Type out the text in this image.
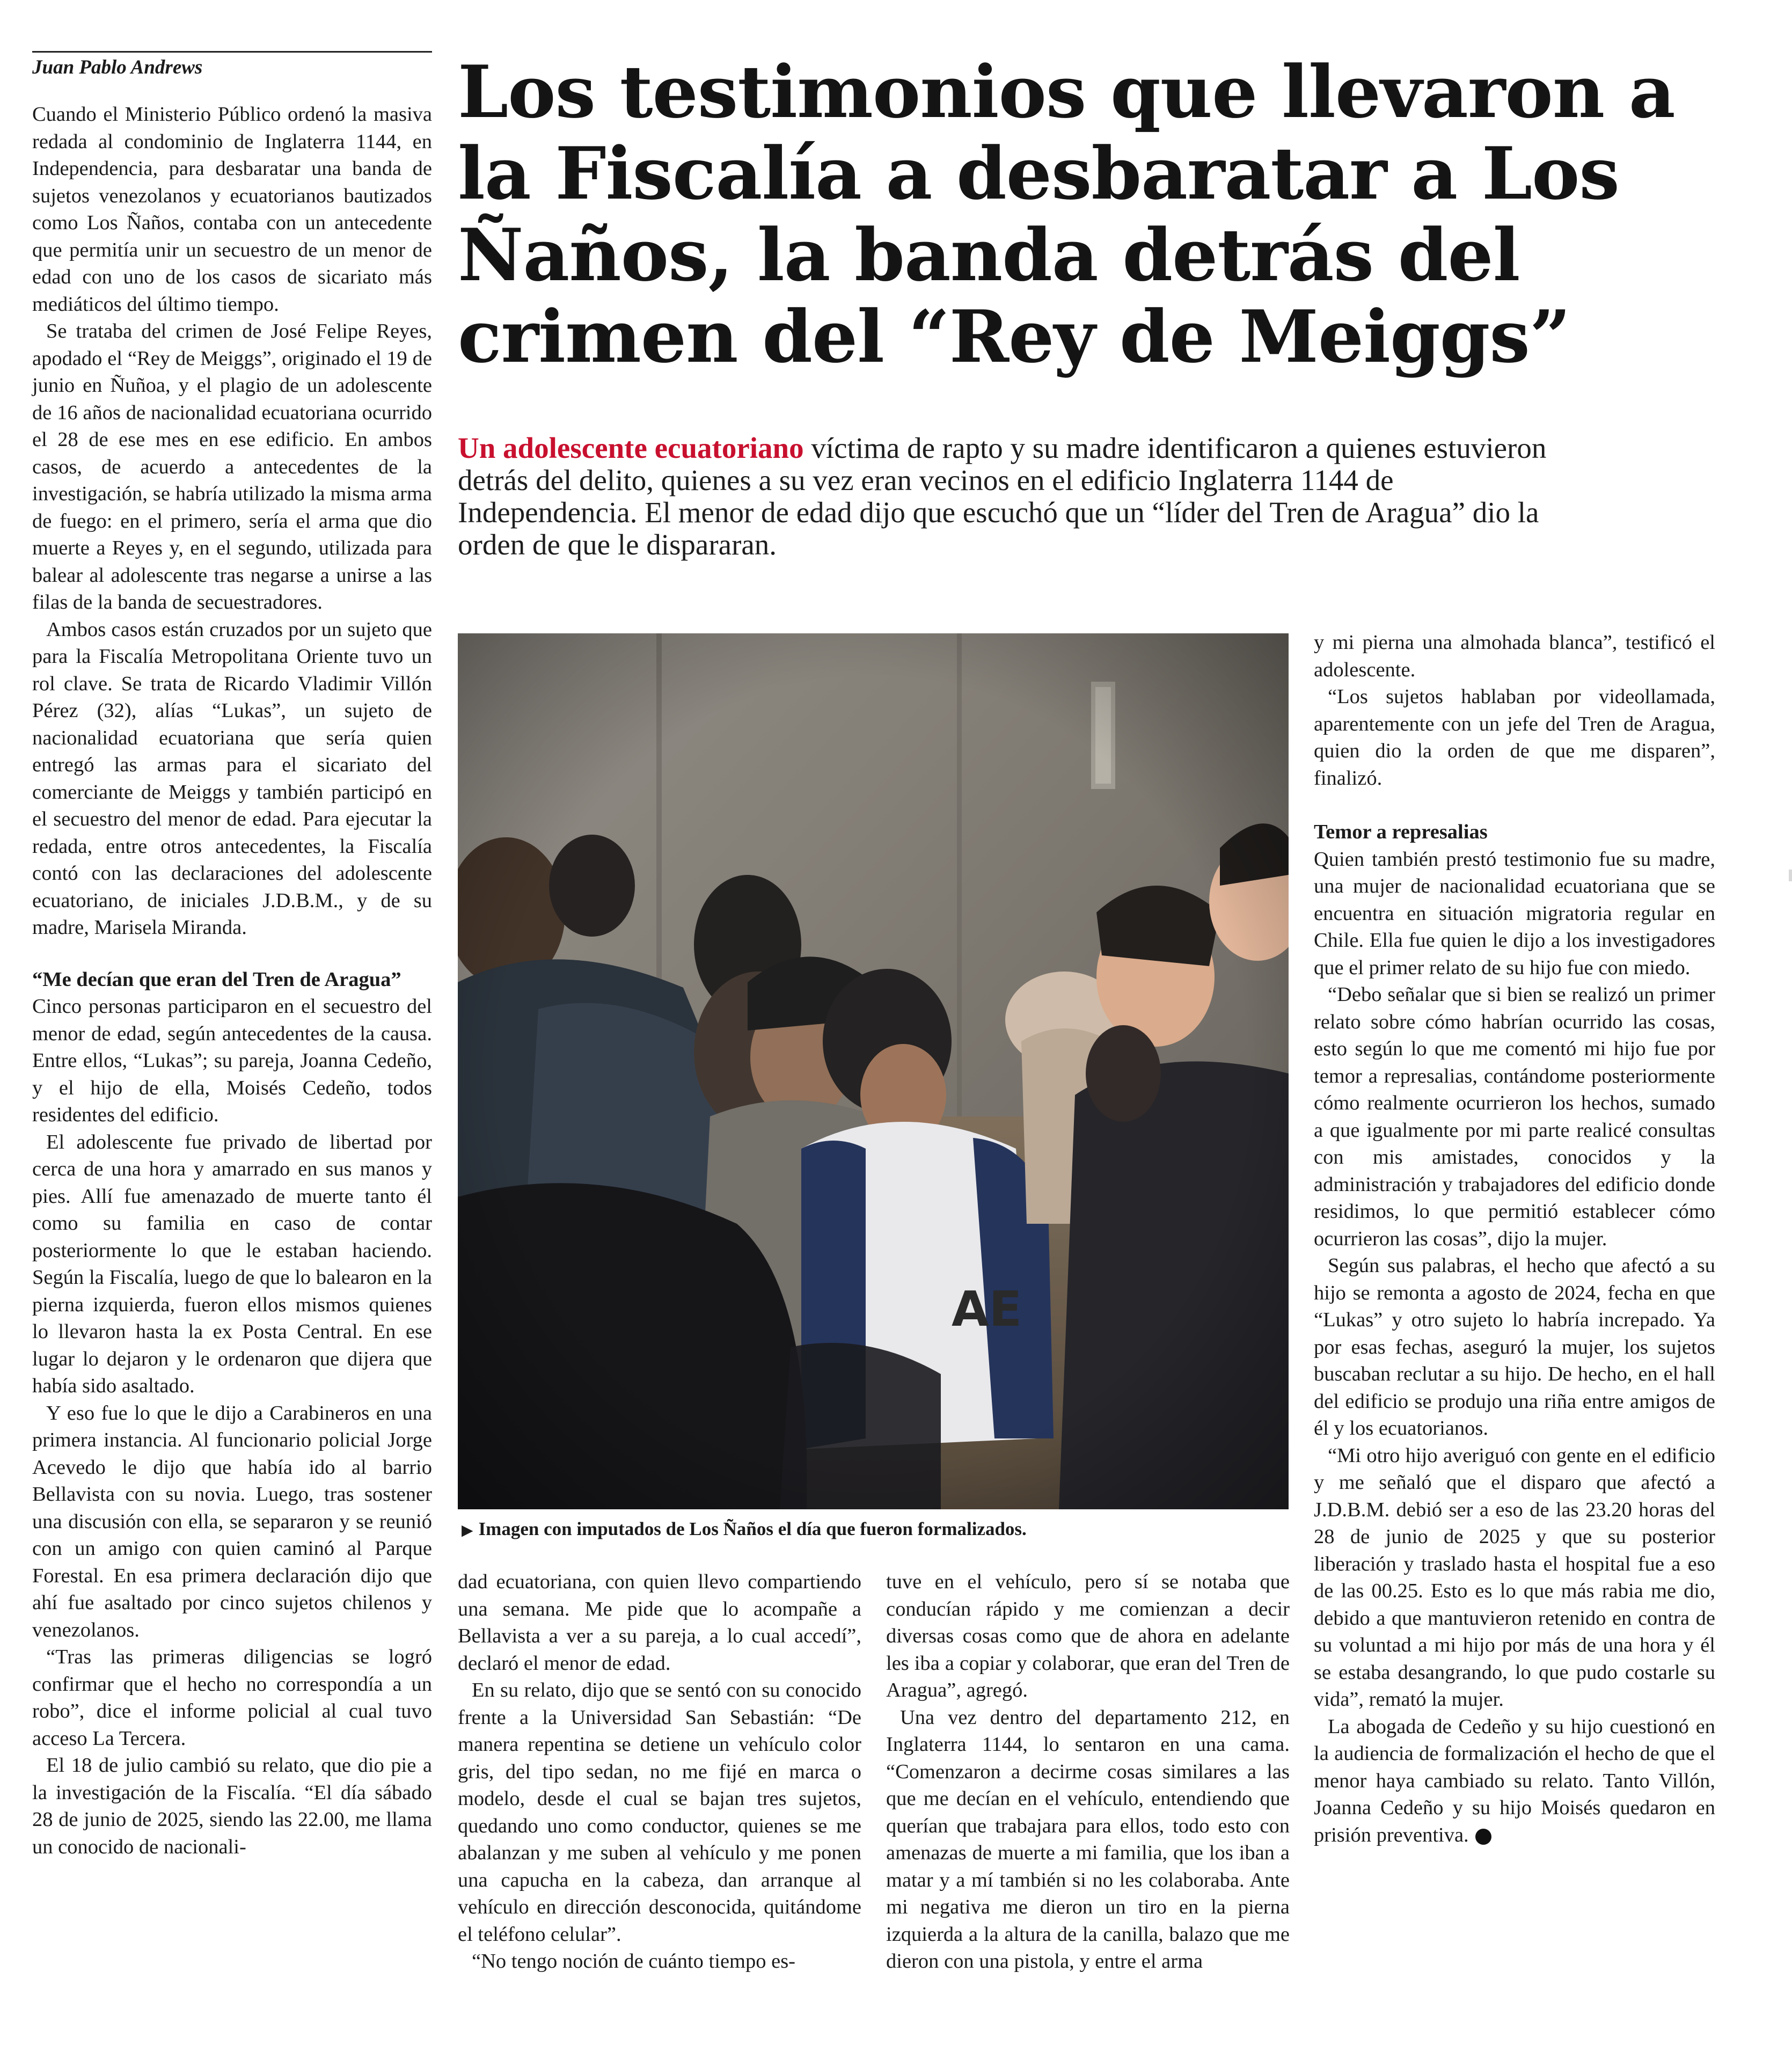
Juan Pablo Andrews	Los testimonios que llevaron a la Fiscalía a desbaratar a Los Ñaños, la banda detrás del crimen del “Rey de Meiggs”

Un adolescente ecuatoriano víctima de rapto y su madre identificaron a quienes estuvieron detrás del delito, quienes a su vez eran vecinos en el edificio Inglaterra 1144 de Independencia. El menor de edad dijo que escuchó que un “líder del Tren de Aragua” dio la orden de que le dispararan.

Cuando el Ministerio Público ordenó la masiva redada al condominio de Inglaterra 1144, en Independencia, para desbaratar una banda de sujetos venezolanos y ecuatorianos bautizados como Los Ñaños, contaba con un antecedente que permitía unir un secuestro de un menor de edad con uno de los casos de sicariato más mediáticos del último tiempo.

Se trataba del crimen de José Felipe Reyes, apodado el “Rey de Meiggs”, originado el 19 de junio en Ñuñoa, y el plagio de un adolescente de 16 años de nacionalidad ecuatoriana ocurrido el 28 de ese mes en ese edificio. En ambos casos, de acuerdo a antecedentes de la investigación, se habría utilizado la misma arma de fuego: en el primero, sería el arma que dio muerte a Reyes y, en el segundo, utilizada para balear al adolescente tras negarse a unirse a las filas de la banda de secuestradores.

Ambos casos están cruzados por un sujeto que para la Fiscalía Metropolitana Oriente tuvo un rol clave. Se trata de Ricardo Vladimir Villón Pérez (32), alías “Lukas”, un sujeto de nacionalidad ecuatoriana que sería quien entregó las armas para el sicariato del comerciante de Meiggs y también participó en el secuestro del menor de edad. Para ejecutar la redada, entre otros antecedentes, la Fiscalía contó con las declaraciones del adolescente ecuatoriano, de iniciales J.D.B.M., y de su madre, Marisela Miranda.

“Me decían que eran del Tren de Aragua”

Cinco personas participaron en el secuestro del menor de edad, según antecedentes de la causa. Entre ellos, “Lukas”; su pareja, Joanna Cedeño, y el hijo de ella, Moisés Cedeño, todos residentes del edificio.

El adolescente fue privado de libertad por cerca de una hora y amarrado en sus manos y pies. Allí fue amenazado de muerte tanto él como su familia en caso de contar posteriormente lo que le estaban haciendo. Según la Fiscalía, luego de que lo balearon en la pierna izquierda, fueron ellos mismos quienes lo llevaron hasta la ex Posta Central. En ese lugar lo dejaron y le ordenaron que dijera que había sido asaltado.

Y eso fue lo que le dijo a Carabineros en una primera instancia. Al funcionario policial Jorge Acevedo le dijo que había ido al barrio Bellavista con su novia. Luego, tras sostener una discusión con ella, se separaron y se reunió con un amigo con quien caminó al Parque Forestal. En esa primera declaración dijo que ahí fue asaltado por cinco sujetos chilenos y venezolanos.

“Tras las primeras diligencias se logró confirmar que el hecho no correspondía a un robo”, dice el informe policial al cual tuvo acceso La Tercera.

El 18 de julio cambió su relato, que dio pie a la investigación de la Fiscalía. “El día sábado 28 de junio de 2025, siendo las 22.00, me llama un conocido de nacionali-

▶ Imagen con imputados de Los Ñaños el día que fueron formalizados.

dad ecuatoriana, con quien llevo compartiendo una semana. Me pide que lo acompañe a Bellavista a ver a su pareja, a lo cual accedí”, declaró el menor de edad.

En su relato, dijo que se sentó con su conocido frente a la Universidad San Sebastián: “De manera repentina se detiene un vehículo color gris, del tipo sedan, no me fijé en marca o modelo, desde el cual se bajan tres sujetos, quedando uno como conductor, quienes se me abalanzan y me suben al vehículo y me ponen una capucha en la cabeza, dan arranque al vehículo en dirección desconocida, quitándome el teléfono celular”.

“No tengo noción de cuánto tiempo es-

tuve en el vehículo, pero sí se notaba que conducían rápido y me comienzan a decir diversas cosas como que de ahora en adelante les iba a copiar y colaborar, que eran del Tren de Aragua”, agregó.

Una vez dentro del departamento 212, en Inglaterra 1144, lo sentaron en una cama. “Comenzaron a decirme cosas similares a las que me decían en el vehículo, entendiendo que querían que trabajara para ellos, todo esto con amenazas de muerte a mi familia, que los iban a matar y a mí también si no les colaboraba. Ante mi negativa me dieron un tiro en la pierna izquierda a la altura de la canilla, balazo que me dieron con una pistola, y entre el arma

y mi pierna una almohada blanca”, testificó el adolescente.

“Los sujetos hablaban por videollamada, aparentemente con un jefe del Tren de Aragua, quien dio la orden de que me disparen”, finalizó.

Temor a represalias

Quien también prestó testimonio fue su madre, una mujer de nacionalidad ecuatoriana que se encuentra en situación migratoria regular en Chile. Ella fue quien le dijo a los investigadores que el primer relato de su hijo fue con miedo.

“Debo señalar que si bien se realizó un primer relato sobre cómo habrían ocurrido las cosas, esto según lo que me comentó mi hijo fue por temor a represalias, contándome posteriormente cómo realmente ocurrieron los hechos, sumado a que igualmente por mi parte realicé consultas con mis amistades, conocidos y la administración y trabajadores del edificio donde residimos, lo que permitió establecer cómo ocurrieron las cosas”, dijo la mujer.

Según sus palabras, el hecho que afectó a su hijo se remonta a agosto de 2024, fecha en que “Lukas” y otro sujeto lo habría increpado. Ya por esas fechas, aseguró la mujer, los sujetos buscaban reclutar a su hijo. De hecho, en el hall del edificio se produjo una riña entre amigos de él y los ecuatorianos.

“Mi otro hijo averiguó con gente en el edificio y me señaló que el disparo que afectó a J.D.B.M. debió ser a eso de las 23.20 horas del 28 de junio de 2025 y que su posterior liberación y traslado hasta el hospital fue a eso de las 00.25. Esto es lo que más rabia me dio, debido a que mantuvieron retenido en contra de su voluntad a mi hijo por más de una hora y él se estaba desangrando, lo que pudo costarle su vida”, remató la mujer.

La abogada de Cedeño y su hijo cuestionó en la audiencia de formalización el hecho de que el menor haya cambiado su relato. Tanto Villón, Joanna Cedeño y su hijo Moisés quedaron en prisión preventiva.
